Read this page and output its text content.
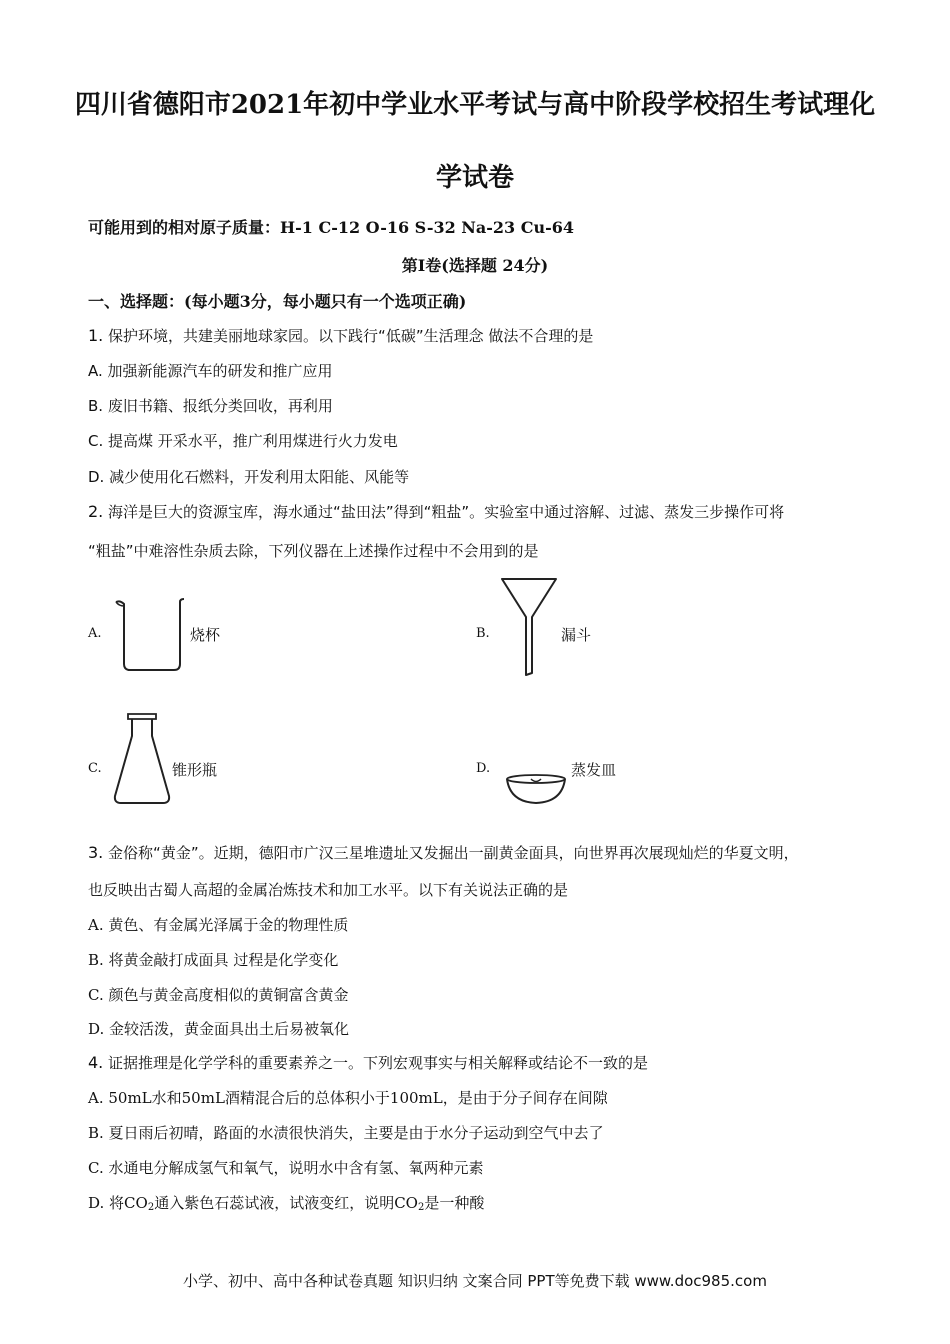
四川省德阳市2021年初中学业水平考试与高中阶段学校招生考试理化
学试卷
可能用到的相对原子质量：H-1 C-12 O-16 S-32 Na-23 Cu-64
第Ⅰ卷(选择题 24分)
一、选择题：(每小题3分，每小题只有一个选项正确)
1. 保护环境，共建美丽地球家园。以下践行“低碳”生活理念 做法不合理的是
A. 加强新能源汽车的研发和推广应用
B. 废旧书籍、报纸分类回收，再利用
C. 提高煤 开采水平，推广利用煤进行火力发电
D. 减少使用化石燃料，开发利用太阳能、风能等
2. 海洋是巨大的资源宝库，海水通过“盐田法”得到“粗盐”。实验室中通过溶解、过滤、蒸发三步操作可将
“粗盐”中难溶性杂质去除，下列仪器在上述操作过程中不会用到的是
A.	烧杯	B.	漏斗
C.	锥形瓶	D.	蒸发皿
3. 金俗称“黄金”。近期，德阳市广汉三星堆遗址又发掘出一副黄金面具，向世界再次展现灿烂的华夏文明，
也反映出古蜀人高超的金属冶炼技术和加工水平。以下有关说法正确的是
A. 黄色、有金属光泽属于金的物理性质
B. 将黄金敲打成面具 过程是化学变化
C. 颜色与黄金高度相似的黄铜富含黄金
D. 金较活泼，黄金面具出土后易被氧化
4. 证据推理是化学学科的重要素养之一。下列宏观事实与相关解释或结论不一致的是
A. 50mL水和50mL酒精混合后的总体积小于100mL，是由于分子间存在间隙
B. 夏日雨后初晴，路面的水渍很快消失，主要是由于水分子运动到空气中去了
C. 水通电分解成氢气和氧气，说明水中含有氢、氧两种元素
D. 将$CO_2$通入紫色石蕊试液，试液变红，说明$CO_2$是一种酸
小学、初中、高中各种试卷真题 知识归纳 文案合同 PPT等免费下载 www.doc985.com
